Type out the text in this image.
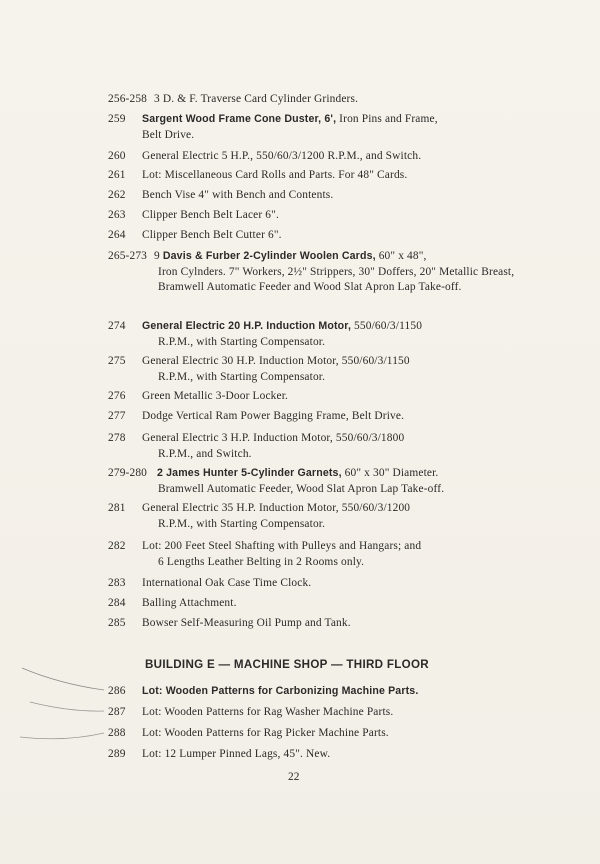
256-258 3 D. & F. Traverse Card Cylinder Grinders.
259 Sargent Wood Frame Cone Duster, 6', Iron Pins and Frame,
Belt Drive.
260 General Electric 5 H.P., 550/60/3/1200 R.P.M., and Switch.
261 Lot: Miscellaneous Card Rolls and Parts. For 48" Cards.
262 Bench Vise 4" with Bench and Contents.
263 Clipper Bench Belt Lacer 6".
264 Clipper Bench Belt Cutter 6".
265-273 9 Davis & Furber 2-Cylinder Woolen Cards, 60" x 48",
Iron Cylnders. 7" Workers, 2½" Strippers, 30" Doffers, 20" Metallic Breast, Bramwell Automatic Feeder and Wood Slat Apron Lap Take-off.
274 General Electric 20 H.P. Induction Motor, 550/60/3/1150
R.P.M., with Starting Compensator.
275 General Electric 30 H.P. Induction Motor, 550/60/3/1150
R.P.M., with Starting Compensator.
276 Green Metallic 3-Door Locker.
277 Dodge Vertical Ram Power Bagging Frame, Belt Drive.
278 General Electric 3 H.P. Induction Motor, 550/60/3/1800
R.P.M., and Switch.
279-280 2 James Hunter 5-Cylinder Garnets, 60" x 30" Diameter.
Bramwell Automatic Feeder, Wood Slat Apron Lap Take-off.
281 General Electric 35 H.P. Induction Motor, 550/60/3/1200
R.P.M., with Starting Compensator.
282 Lot: 200 Feet Steel Shafting with Pulleys and Hangars; and
6 Lengths Leather Belting in 2 Rooms only.
283 International Oak Case Time Clock.
284 Balling Attachment.
285 Bowser Self-Measuring Oil Pump and Tank.
BUILDING E — MACHINE SHOP — THIRD FLOOR
286 Lot: Wooden Patterns for Carbonizing Machine Parts.
287 Lot: Wooden Patterns for Rag Washer Machine Parts.
288 Lot: Wooden Patterns for Rag Picker Machine Parts.
289 Lot: 12 Lumper Pinned Lags, 45". New.
22
